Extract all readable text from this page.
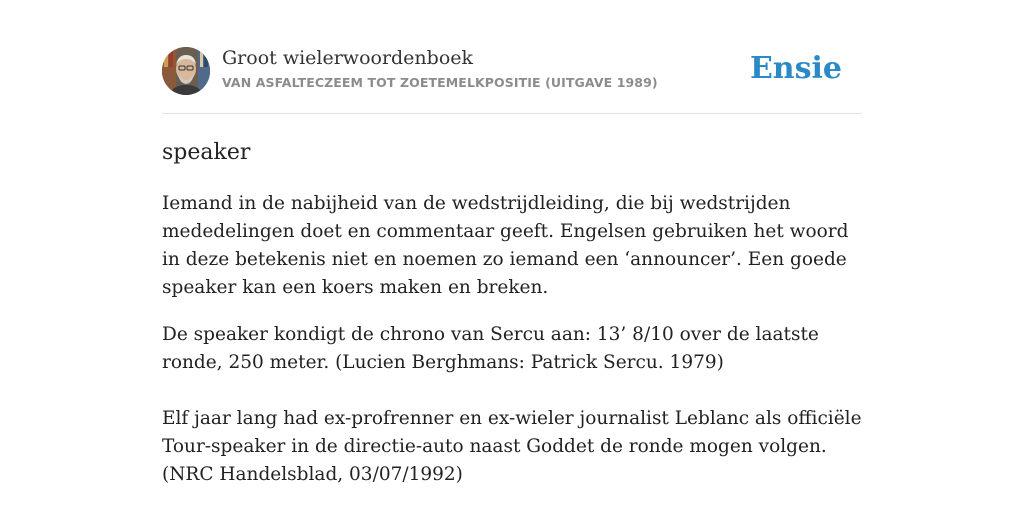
Groot wielerwoordenboek
VAN ASFALTECZEEM TOT ZOETEMELKPOSITIE (UITGAVE 1989)	Ensie
speaker

Iemand in de nabijheid van de wedstrijdleiding, die bij wedstrijden mededelingen doet en commentaar geeft. Engelsen gebruiken het woord in deze betekenis niet en noemen zo iemand een ‘announcer’. Een goede speaker kan een koers maken en breken.

De speaker kondigt de chrono van Sercu aan: 13’ 8/10 over de laatste ronde, 250 meter. (Lucien Berghmans: Patrick Sercu. 1979)

Elf jaar lang had ex-profrenner en ex-wieler journalist Leblanc als officiële Tour-speaker in de directie-auto naast Goddet de ronde mogen volgen. (NRC Handelsblad, 03/07/1992)
